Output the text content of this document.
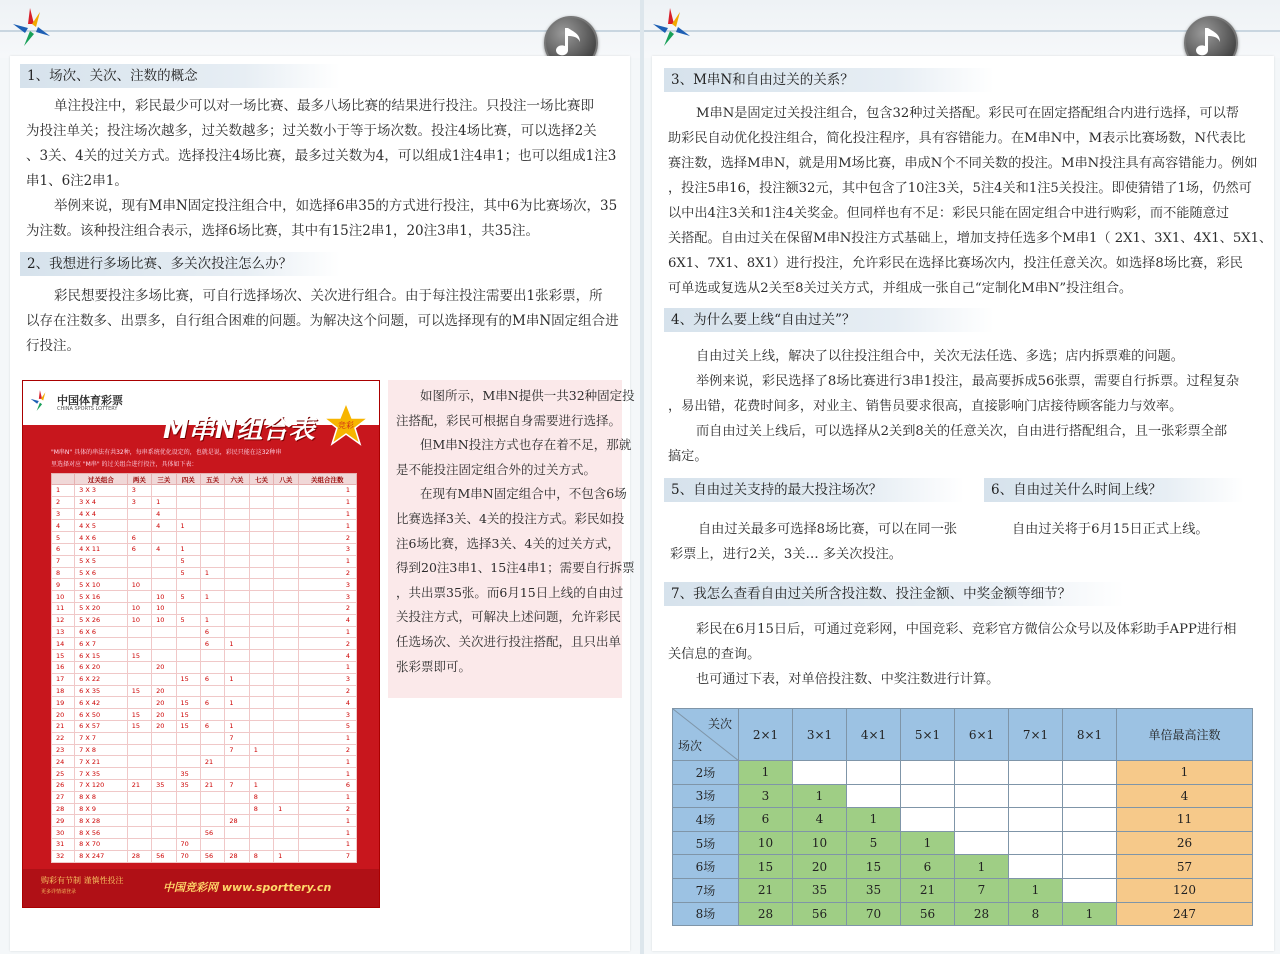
1、场次、关次、注数的概念
单注投注中，彩民最少可以对一场比赛、最多八场比赛的结果进行投注。只投注一场比赛即
为投注单关；投注场次越多，过关数越多；过关数小于等于场次数。投注4场比赛，可以选择2关
、3关、4关的过关方式。选择投注4场比赛，最多过关数为4，可以组成1注4串1；也可以组成1注3
串1、6注2串1。
举例来说，现有M串N固定投注组合中，如选择6串35的方式进行投注，其中6为比赛场次，35
为注数。该种投注组合表示，选择6场比赛，其中有15注2串1，20注3串1，共35注。
2、我想进行多场比赛、多关次投注怎么办？
彩民想要投注多场比赛，可自行选择场次、关次进行组合。由于每注投注需要出1张彩票，所
以存在注数多、出票多，自行组合困难的问题。为解决这个问题，可以选择现有的M串N固定组合进
行投注。
中国体育彩票
CHINA SPORTS LOTTERY
M串N组合表	竞彩
"M串N" 具体的串法有共32种，每串系统优化设定的，也就是说，彩民只能在这32种串
里选择对应 "M串" 的过关组合进行投注，具体如下表：
	过关组合	两关	三关	四关	五关	六关	七关	八关	关组合注数
1	3 X 3	3							1
2	3 X 4	3	1						1
3	4 X 4		4						1
4	4 X 5		4	1					1
5	4 X 6	6							2
6	4 X 11	6	4	1					3
7	5 X 5			5					1
8	5 X 6			5	1				2
9	5 X 10	10							3
10	5 X 16		10	5	1				3
11	5 X 20	10	10						2
12	5 X 26	10	10	5	1				4
13	6 X 6				6				1
14	6 X 7				6	1			2
15	6 X 15	15							4
16	6 X 20		20						1
17	6 X 22			15	6	1			3
18	6 X 35	15	20						2
19	6 X 42		20	15	6	1			4
20	6 X 50	15	20	15					3
21	6 X 57	15	20	15	6	1			5
22	7 X 7					7			1
23	7 X 8					7	1		2
24	7 X 21				21				1
25	7 X 35			35					1
26	7 X 120	21	35	35	21	7	1		6
27	8 X 8						8		1
28	8 X 9						8	1	2
29	8 X 28					28			1
30	8 X 56				56				1
31	8 X 70			70					1
32	8 X 247	28	56	70	56	28	8	1	7
购彩有节制 谨慎性投注
更多详情请登录	中国竞彩网 www.sporttery.cn
如图所示，M串N提供一共32种固定投
注搭配，彩民可根据自身需要进行选择。
但M串N投注方式也存在着不足，那就
是不能投注固定组合外的过关方式。
在现有M串N固定组合中，不包含6场
比赛选择3关、4关的投注方式。彩民如投
注6场比赛，选择3关、4关的过关方式，
得到20注3串1、15注4串1；需要自行拆票
，共出票35张。而6月15日上线的自由过
关投注方式，可解决上述问题，允许彩民
任选场次、关次进行投注搭配，且只出单
张彩票即可。
3、M串N和自由过关的关系？
M串N是固定过关投注组合，包含32种过关搭配。彩民可在固定搭配组合内进行选择，可以帮
助彩民自动优化投注组合，简化投注程序，具有容错能力。在M串N中，M表示比赛场数，N代表比
赛注数，选择M串N，就是用M场比赛，串成N个不同关数的投注。M串N投注具有高容错能力。例如
，投注5串16，投注额32元，其中包含了10注3关，5注4关和1注5关投注。即使猜错了1场，仍然可
以中出4注3关和1注4关奖金。但同样也有不足：彩民只能在固定组合中进行购彩，而不能随意过
关搭配。自由过关在保留M串N投注方式基础上，增加支持任选多个M串1（ 2X1、3X1、4X1、5X1、
6X1、7X1、8X1）进行投注，允许彩民在选择比赛场次内，投注任意关次。如选择8场比赛，彩民
可单选或复选从2关至8关过关方式，并组成一张自己“定制化M串N”投注组合。
4、为什么要上线“自由过关”？
自由过关上线，解决了以往投注组合中，关次无法任选、多选；店内拆票难的问题。
举例来说，彩民选择了8场比赛进行3串1投注，最高要拆成56张票，需要自行拆票。过程复杂
，易出错，花费时间多，对业主、销售员要求很高，直接影响门店接待顾客能力与效率。
而自由过关上线后，可以选择从2关到8关的任意关次，自由进行搭配组合，且一张彩票全部
搞定。
5、自由过关支持的最大投注场次？	6、自由过关什么时间上线？
自由过关最多可选择8场比赛，可以在同一张
彩票上，进行2关，3关… 多关次投注。
自由过关将于6月15日正式上线。
7、我怎么查看自由过关所含投注数、投注金额、中奖金额等细节？
彩民在6月15日后，可通过竞彩网，中国竞彩、竞彩官方微信公众号以及体彩助手APP进行相
关信息的查询。
也可通过下表，对单倍投注数、中奖注数进行计算。
关次
场次	2×1	3×1	4×1	5×1	6×1	7×1	8×1	单倍最高注数
2场	1							1
3场	3	1						4
4场	6	4	1					11
5场	10	10	5	1				26
6场	15	20	15	6	1			57
7场	21	35	35	21	7	1		120
8场	28	56	70	56	28	8	1	247
